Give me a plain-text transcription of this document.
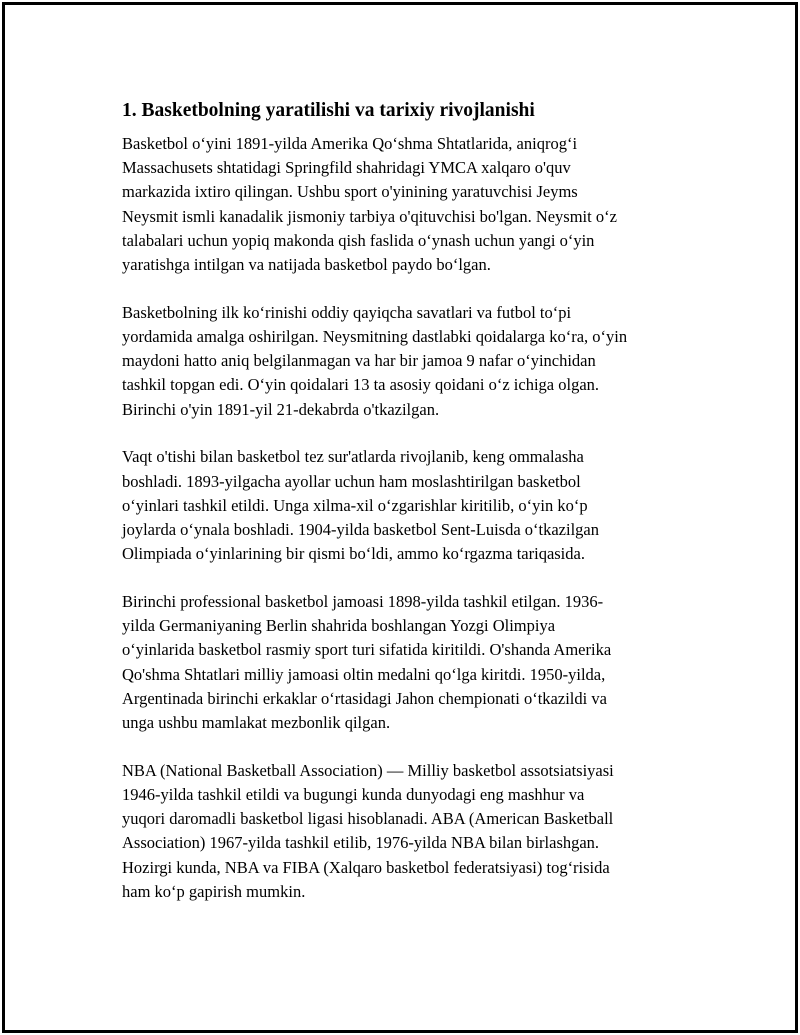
1. Basketbolning yaratilishi va tarixiy rivojlanishi
Basketbol o‘yini 1891-yilda Amerika Qo‘shma Shtatlarida, aniqrog‘i
Massachusets shtatidagi Springfild shahridagi YMCA xalqaro o'quv
markazida ixtiro qilingan. Ushbu sport o'yinining yaratuvchisi Jeyms
Neysmit ismli kanadalik jismoniy tarbiya o'qituvchisi bo'lgan. Neysmit o‘z
talabalari uchun yopiq makonda qish faslida o‘ynash uchun yangi o‘yin
yaratishga intilgan va natijada basketbol paydo bo‘lgan.
Basketbolning ilk ko‘rinishi oddiy qayiqcha savatlari va futbol to‘pi
yordamida amalga oshirilgan. Neysmitning dastlabki qoidalarga ko‘ra, o‘yin
maydoni hatto aniq belgilanmagan va har bir jamoa 9 nafar o‘yinchidan
tashkil topgan edi. O‘yin qoidalari 13 ta asosiy qoidani o‘z ichiga olgan.
Birinchi o'yin 1891-yil 21-dekabrda o'tkazilgan.
Vaqt o'tishi bilan basketbol tez sur'atlarda rivojlanib, keng ommalasha
boshladi. 1893-yilgacha ayollar uchun ham moslashtirilgan basketbol
o‘yinlari tashkil etildi. Unga xilma-xil o‘zgarishlar kiritilib, o‘yin ko‘p
joylarda o‘ynala boshladi. 1904-yilda basketbol Sent-Luisda o‘tkazilgan
Olimpiada o‘yinlarining bir qismi bo‘ldi, ammo ko‘rgazma tariqasida.
Birinchi professional basketbol jamoasi 1898-yilda tashkil etilgan. 1936-
yilda Germaniyaning Berlin shahrida boshlangan Yozgi Olimpiya
o‘yinlarida basketbol rasmiy sport turi sifatida kiritildi. O'shanda Amerika
Qo'shma Shtatlari milliy jamoasi oltin medalni qo‘lga kiritdi. 1950-yilda,
Argentinada birinchi erkaklar o‘rtasidagi Jahon chempionati o‘tkazildi va
unga ushbu mamlakat mezbonlik qilgan.
NBA (National Basketball Association) — Milliy basketbol assotsiatsiyasi
1946-yilda tashkil etildi va bugungi kunda dunyodagi eng mashhur va
yuqori daromadli basketbol ligasi hisoblanadi. ABA (American Basketball
Association) 1967-yilda tashkil etilib, 1976-yilda NBA bilan birlashgan.
Hozirgi kunda, NBA va FIBA (Xalqaro basketbol federatsiyasi) tog‘risida
ham ko‘p gapirish mumkin.
